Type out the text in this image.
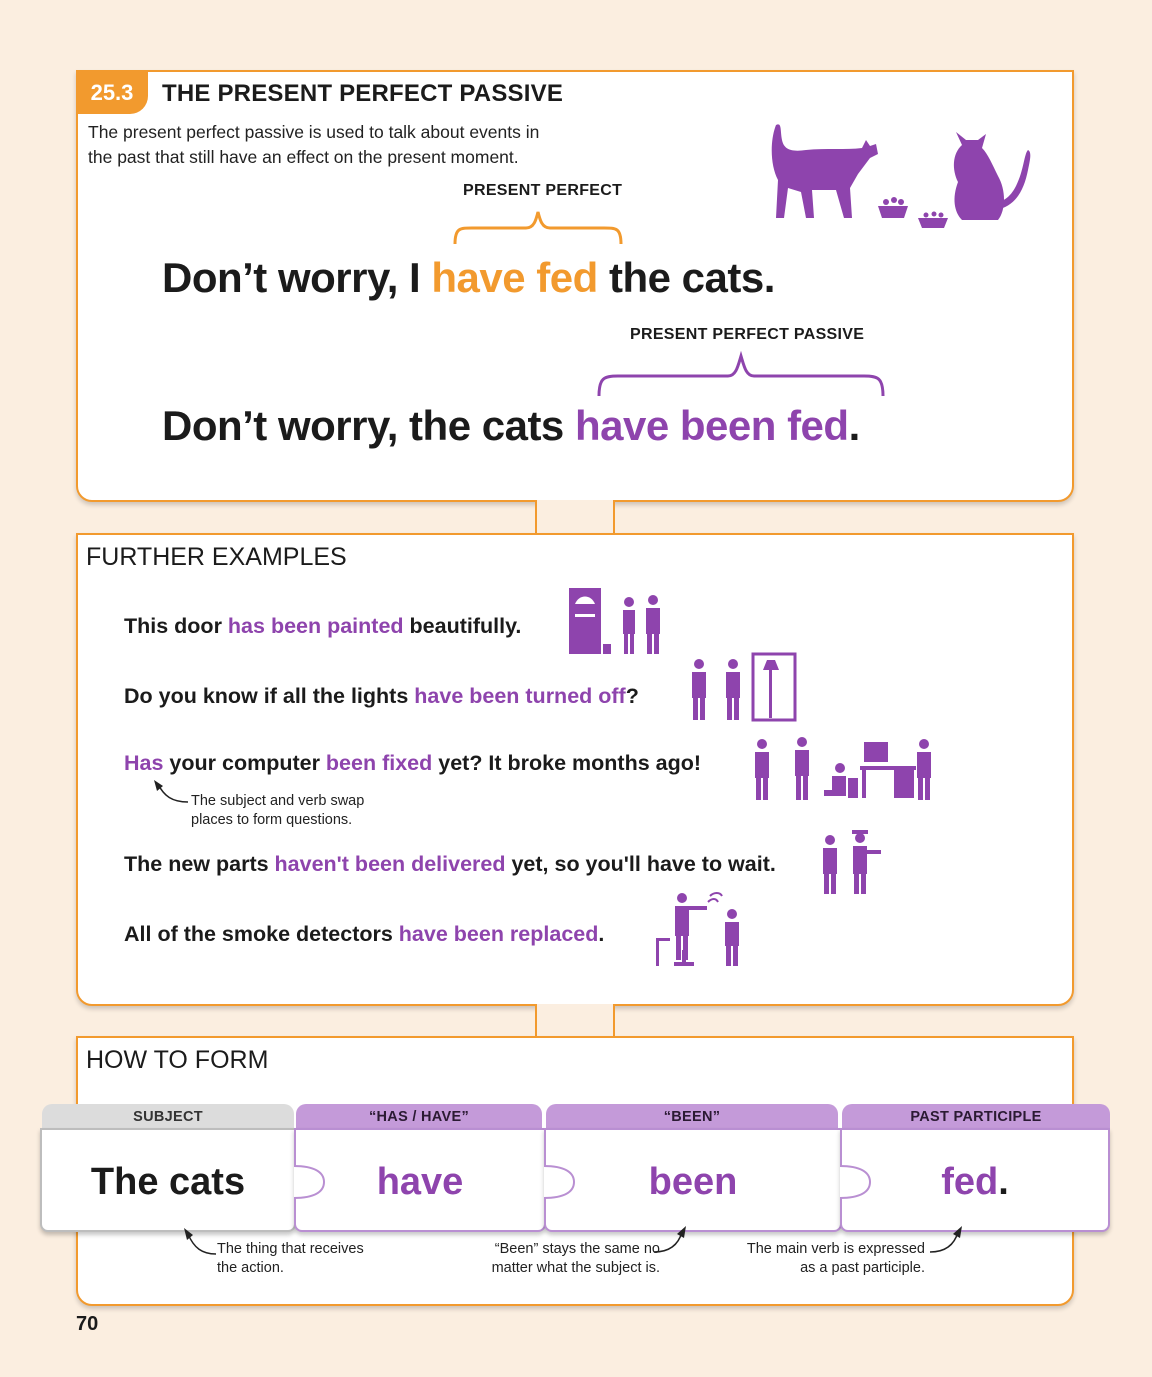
25.3	THE PRESENT PERFECT PASSIVE
The present perfect passive is used to talk about events in the past that still have an effect on the present moment.
PRESENT PERFECT
Don’t worry, I have fed the cats.
PRESENT PERFECT PASSIVE
Don’t worry, the cats have been fed.
FURTHER EXAMPLES
This door has been painted beautifully.
Do you know if all the lights have been turned off?
Has your computer been fixed yet? It broke months ago!
The new parts haven't been delivered yet, so you'll have to wait.
All of the smoke detectors have been replaced.
The subject and verb swap places to form questions.
HOW TO FORM
SUBJECT	“HAS / HAVE”	“BEEN”	PAST PARTICIPLE
The cats	have	been	fed.
The thing that receives the action.
“Been” stays the same no matter what the subject is.
The main verb is expressed as a past participle.
70
